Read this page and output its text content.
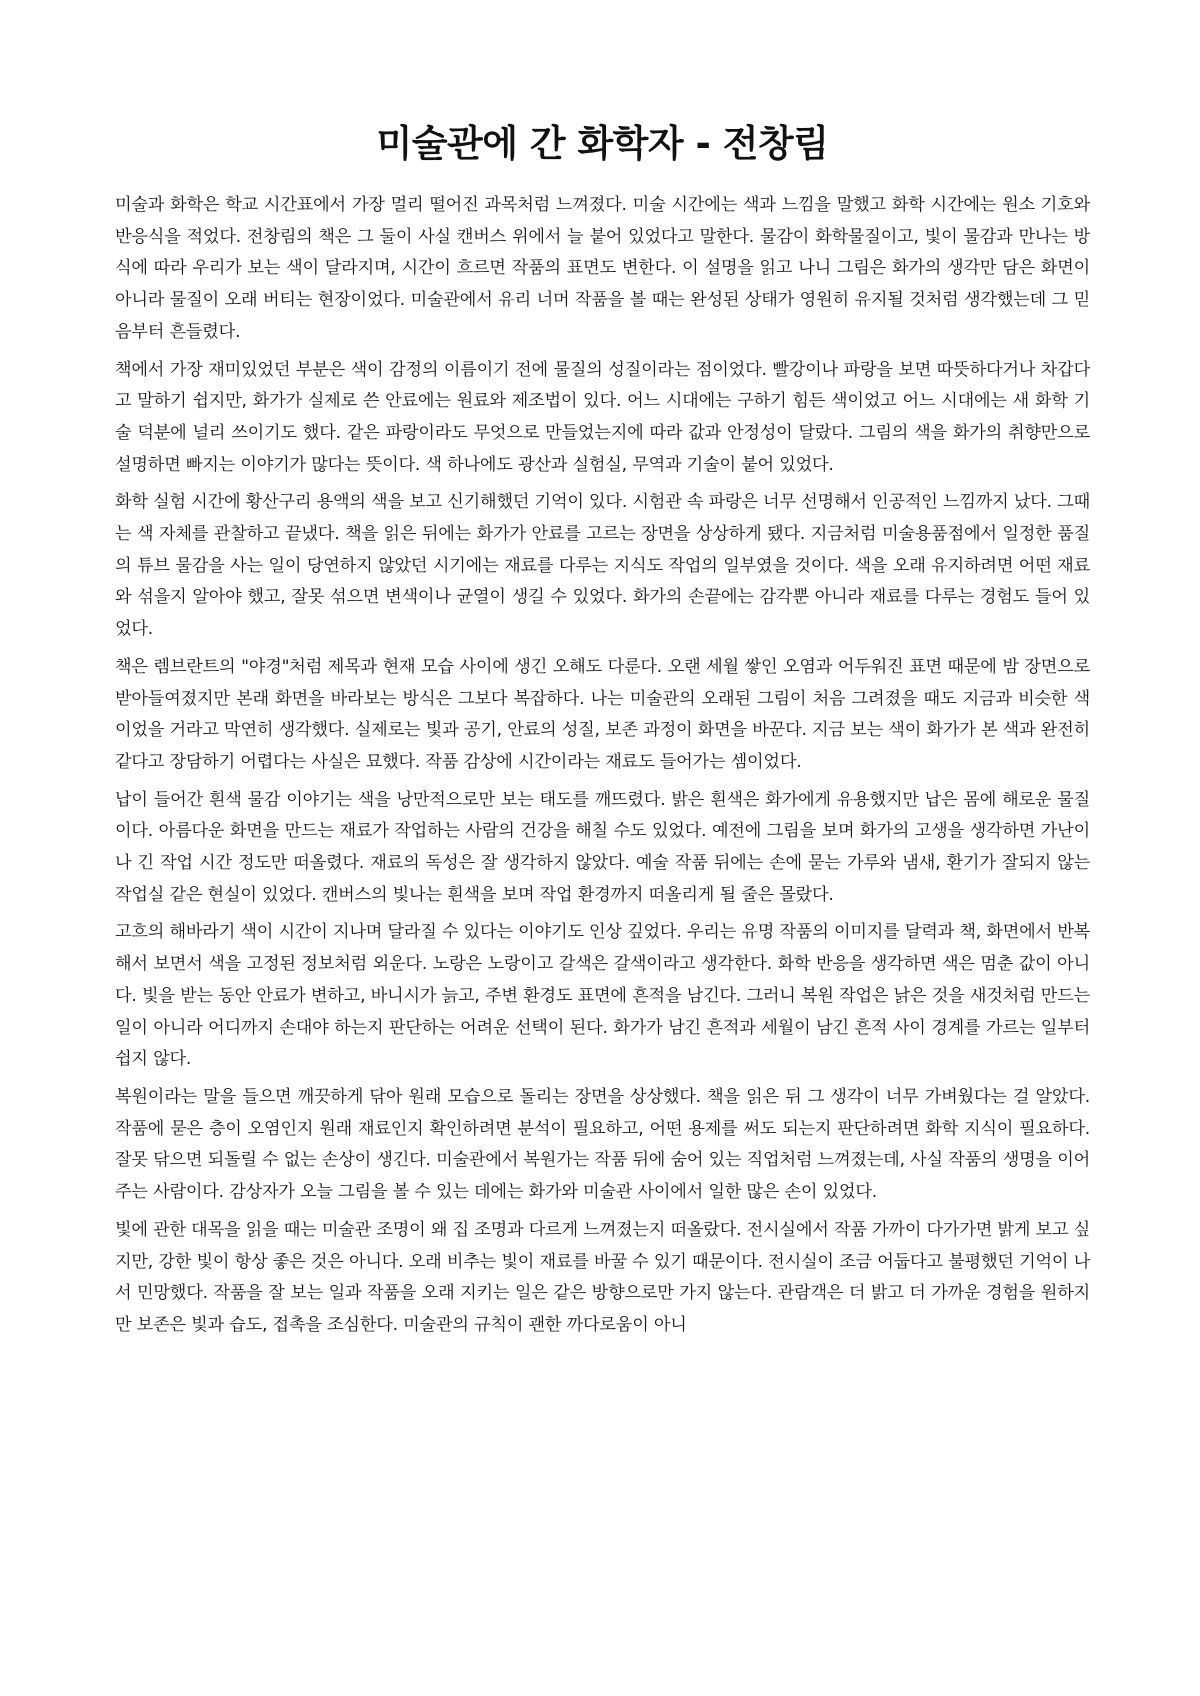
미술관에 간 화학자 - 전창림

미술과 화학은 학교 시간표에서 가장 멀리 떨어진 과목처럼 느껴졌다. 미술 시간에는 색과 느낌을 말했고 화학 시간에는 원소 기호와 반응식을 적었다. 전창림의 책은 그 둘이 사실 캔버스 위에서 늘 붙어 있었다고 말한다. 물감이 화학물질이고, 빛이 물감과 만나는 방식에 따라 우리가 보는 색이 달라지며, 시간이 흐르면 작품의 표면도 변한다. 이 설명을 읽고 나니 그림은 화가의 생각만 담은 화면이 아니라 물질이 오래 버티는 현장이었다. 미술관에서 유리 너머 작품을 볼 때는 완성된 상태가 영원히 유지될 것처럼 생각했는데 그 믿음부터 흔들렸다.

책에서 가장 재미있었던 부분은 색이 감정의 이름이기 전에 물질의 성질이라는 점이었다. 빨강이나 파랑을 보면 따뜻하다거나 차갑다고 말하기 쉽지만, 화가가 실제로 쓴 안료에는 원료와 제조법이 있다. 어느 시대에는 구하기 힘든 색이었고 어느 시대에는 새 화학 기술 덕분에 널리 쓰이기도 했다. 같은 파랑이라도 무엇으로 만들었는지에 따라 값과 안정성이 달랐다. 그림의 색을 화가의 취향만으로 설명하면 빠지는 이야기가 많다는 뜻이다. 색 하나에도 광산과 실험실, 무역과 기술이 붙어 있었다.

화학 실험 시간에 황산구리 용액의 색을 보고 신기해했던 기억이 있다. 시험관 속 파랑은 너무 선명해서 인공적인 느낌까지 났다. 그때는 색 자체를 관찰하고 끝냈다. 책을 읽은 뒤에는 화가가 안료를 고르는 장면을 상상하게 됐다. 지금처럼 미술용품점에서 일정한 품질의 튜브 물감을 사는 일이 당연하지 않았던 시기에는 재료를 다루는 지식도 작업의 일부였을 것이다. 색을 오래 유지하려면 어떤 재료와 섞을지 알아야 했고, 잘못 섞으면 변색이나 균열이 생길 수 있었다. 화가의 손끝에는 감각뿐 아니라 재료를 다루는 경험도 들어 있었다.

책은 렘브란트의 "야경"처럼 제목과 현재 모습 사이에 생긴 오해도 다룬다. 오랜 세월 쌓인 오염과 어두워진 표면 때문에 밤 장면으로 받아들여졌지만 본래 화면을 바라보는 방식은 그보다 복잡하다. 나는 미술관의 오래된 그림이 처음 그려졌을 때도 지금과 비슷한 색이었을 거라고 막연히 생각했다. 실제로는 빛과 공기, 안료의 성질, 보존 과정이 화면을 바꾼다. 지금 보는 색이 화가가 본 색과 완전히 같다고 장담하기 어렵다는 사실은 묘했다. 작품 감상에 시간이라는 재료도 들어가는 셈이었다.

납이 들어간 흰색 물감 이야기는 색을 낭만적으로만 보는 태도를 깨뜨렸다. 밝은 흰색은 화가에게 유용했지만 납은 몸에 해로운 물질이다. 아름다운 화면을 만드는 재료가 작업하는 사람의 건강을 해칠 수도 있었다. 예전에 그림을 보며 화가의 고생을 생각하면 가난이나 긴 작업 시간 정도만 떠올렸다. 재료의 독성은 잘 생각하지 않았다. 예술 작품 뒤에는 손에 묻는 가루와 냄새, 환기가 잘되지 않는 작업실 같은 현실이 있었다. 캔버스의 빛나는 흰색을 보며 작업 환경까지 떠올리게 될 줄은 몰랐다.

고흐의 해바라기 색이 시간이 지나며 달라질 수 있다는 이야기도 인상 깊었다. 우리는 유명 작품의 이미지를 달력과 책, 화면에서 반복해서 보면서 색을 고정된 정보처럼 외운다. 노랑은 노랑이고 갈색은 갈색이라고 생각한다. 화학 반응을 생각하면 색은 멈춘 값이 아니다. 빛을 받는 동안 안료가 변하고, 바니시가 늙고, 주변 환경도 표면에 흔적을 남긴다. 그러니 복원 작업은 낡은 것을 새것처럼 만드는 일이 아니라 어디까지 손대야 하는지 판단하는 어려운 선택이 된다. 화가가 남긴 흔적과 세월이 남긴 흔적 사이 경계를 가르는 일부터 쉽지 않다.

복원이라는 말을 들으면 깨끗하게 닦아 원래 모습으로 돌리는 장면을 상상했다. 책을 읽은 뒤 그 생각이 너무 가벼웠다는 걸 알았다. 작품에 묻은 층이 오염인지 원래 재료인지 확인하려면 분석이 필요하고, 어떤 용제를 써도 되는지 판단하려면 화학 지식이 필요하다. 잘못 닦으면 되돌릴 수 없는 손상이 생긴다. 미술관에서 복원가는 작품 뒤에 숨어 있는 직업처럼 느껴졌는데, 사실 작품의 생명을 이어 주는 사람이다. 감상자가 오늘 그림을 볼 수 있는 데에는 화가와 미술관 사이에서 일한 많은 손이 있었다.

빛에 관한 대목을 읽을 때는 미술관 조명이 왜 집 조명과 다르게 느껴졌는지 떠올랐다. 전시실에서 작품 가까이 다가가면 밝게 보고 싶지만, 강한 빛이 항상 좋은 것은 아니다. 오래 비추는 빛이 재료를 바꿀 수 있기 때문이다. 전시실이 조금 어둡다고 불평했던 기억이 나서 민망했다. 작품을 잘 보는 일과 작품을 오래 지키는 일은 같은 방향으로만 가지 않는다. 관람객은 더 밝고 더 가까운 경험을 원하지만 보존은 빛과 습도, 접촉을 조심한다. 미술관의 규칙이 괜한 까다로움이 아니
